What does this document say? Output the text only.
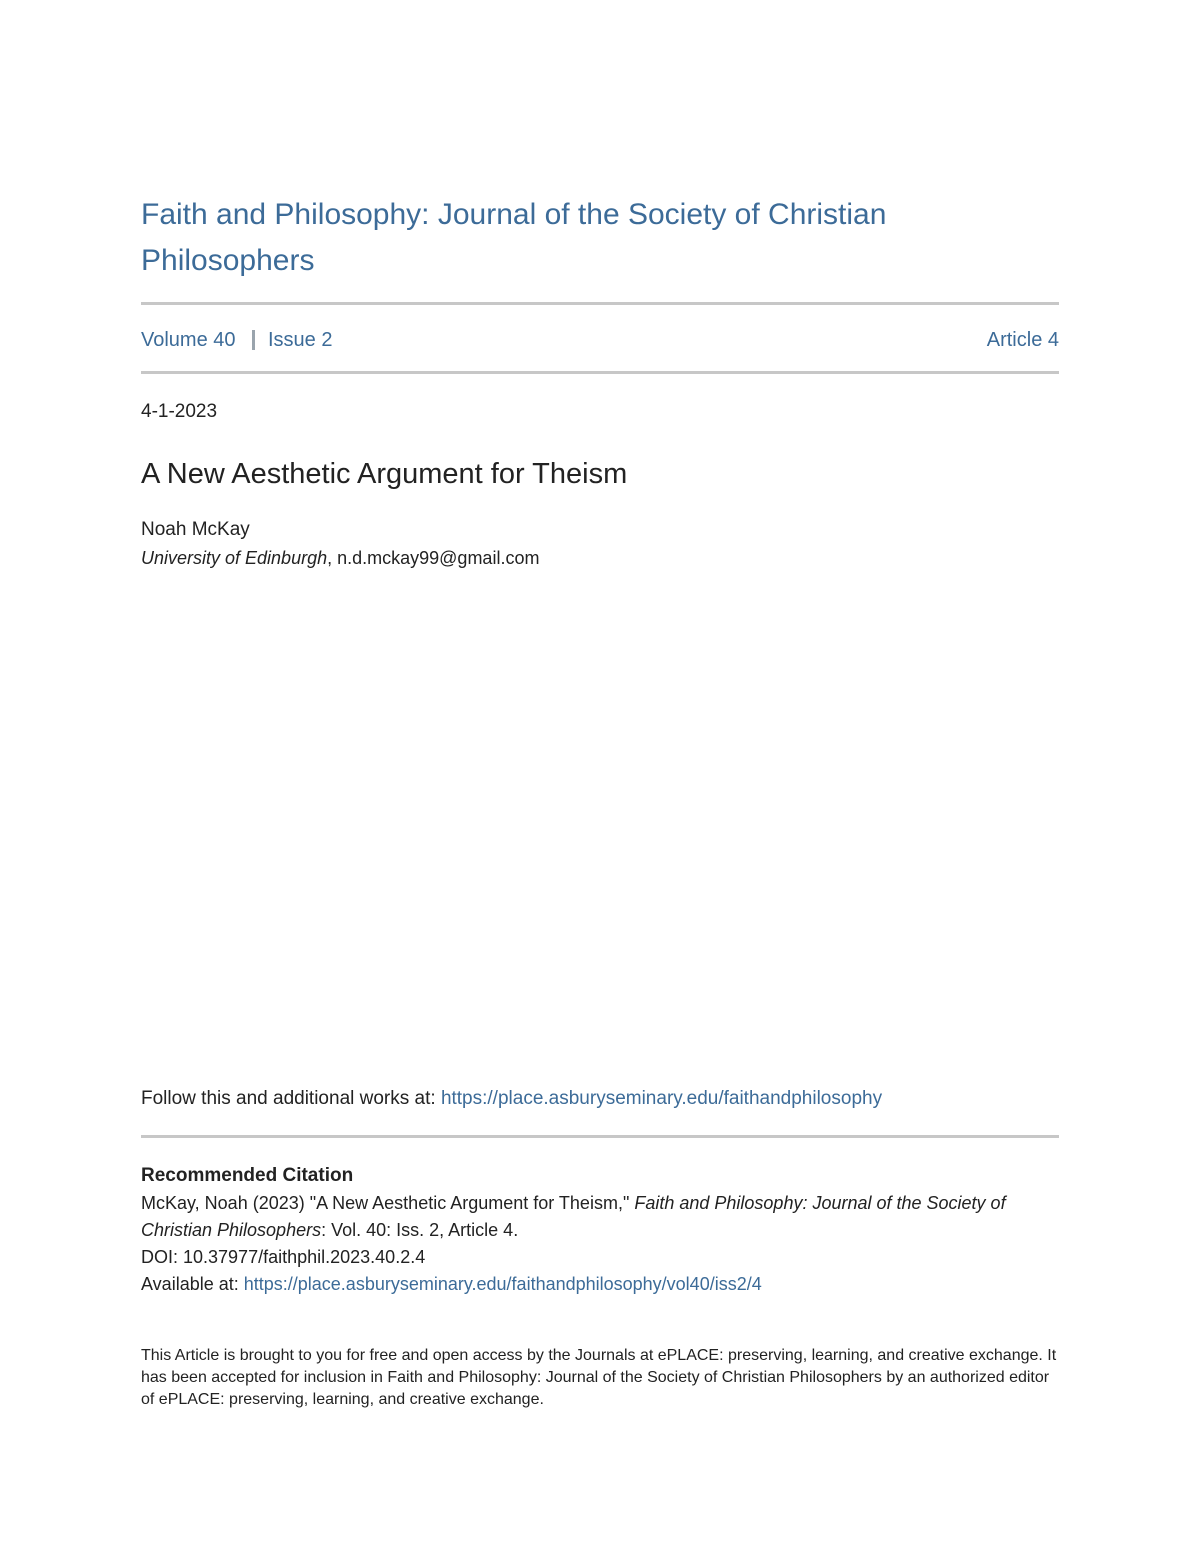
Faith and Philosophy: Journal of the Society of Christian Philosophers
Volume 40 Issue 2	Article 4
4-1-2023
A New Aesthetic Argument for Theism
Noah McKay
University of Edinburgh, n.d.mckay99@gmail.com
Follow this and additional works at: https://place.asburyseminary.edu/faithandphilosophy
Recommended Citation
McKay, Noah (2023) "A New Aesthetic Argument for Theism," Faith and Philosophy: Journal of the Society of Christian Philosophers: Vol. 40: Iss. 2, Article 4.
DOI: 10.37977/faithphil.2023.40.2.4
Available at: https://place.asburyseminary.edu/faithandphilosophy/vol40/iss2/4
This Article is brought to you for free and open access by the Journals at ePLACE: preserving, learning, and creative exchange. It has been accepted for inclusion in Faith and Philosophy: Journal of the Society of Christian Philosophers by an authorized editor of ePLACE: preserving, learning, and creative exchange.
